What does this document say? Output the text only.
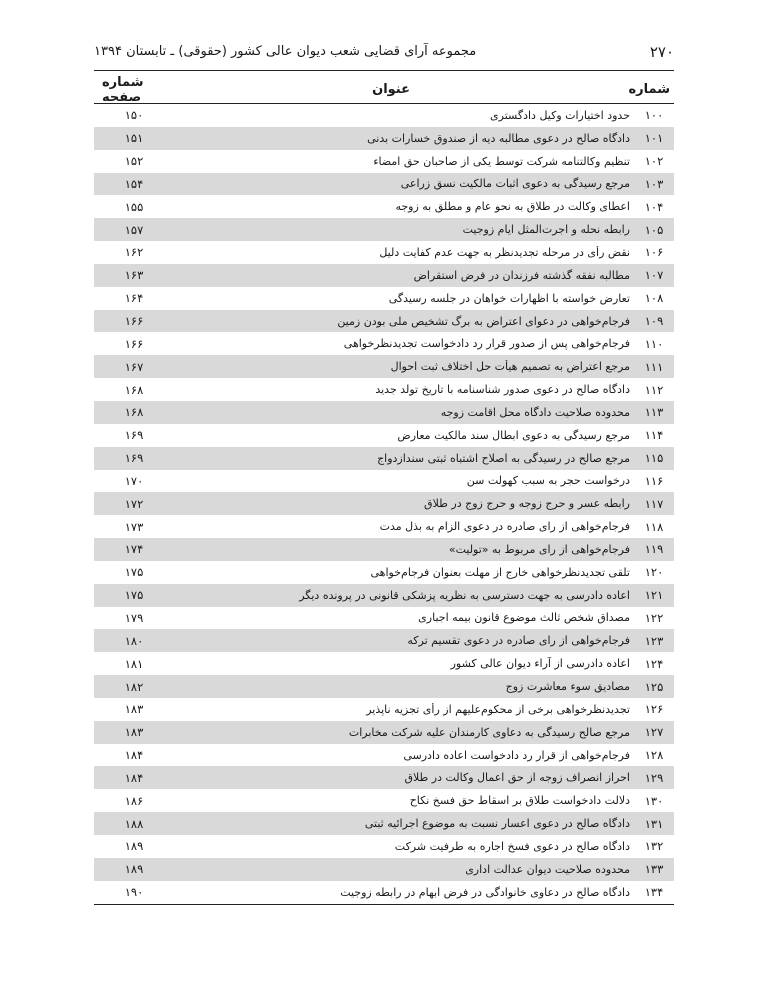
۲۷۰
مجموعه آرای قضایی شعب دیوان عالی کشور (حقوقی) ـ تابستان ۱۳۹۴
شماره
عنوان
شماره صفحه
۱۰۰
حدود اختیارات وکیل دادگستری
۱۵۰
۱۰۱
دادگاه صالح در دعوی مطالبه دیه از صندوق خسارات بدنی
۱۵۱
۱۰۲
تنظیم وکالتنامه شرکت توسط یکی از صاحبان حق امضاء
۱۵۲
۱۰۳
مرجع رسیدگی به دعوی اثبات مالکیت نسق زراعی
۱۵۴
۱۰۴
اعطای وکالت در طلاق به نحو عام و مطلق به زوجه
۱۵۵
۱۰۵
رابطه نحله و اجرت‌المثل ایام زوجیت
۱۵۷
۱۰۶
نقض رأی در مرحله تجدیدنظر به جهت عدم کفایت دلیل
۱۶۲
۱۰۷
مطالبه نفقه گذشته فرزندان در فرض استقراض
۱۶۳
۱۰۸
تعارض خواسته با اظهارات خواهان در جلسه رسیدگی
۱۶۴
۱۰۹
فرجام‌خواهی در دعوای اعتراض به برگ تشخیص ملی بودن زمین
۱۶۶
۱۱۰
فرجام‌خواهی پس از صدور قرار رد دادخواست تجدیدنظرخواهی
۱۶۶
۱۱۱
مرجع اعتراض به تصمیم هیأت حل اختلاف ثبت احوال
۱۶۷
۱۱۲
دادگاه صالح در دعوی صدور شناسنامه با تاریخ تولد جدید
۱۶۸
۱۱۳
محدوده صلاحیت دادگاه محل اقامت زوجه
۱۶۸
۱۱۴
مرجع رسیدگی به دعوی ابطال سند مالکیت معارض
۱۶۹
۱۱۵
مرجع صالح در رسیدگی به اصلاح اشتباه ثبتی سندازدواج
۱۶۹
۱۱۶
درخواست حجر به سبب کهولت سن
۱۷۰
۱۱۷
رابطه عسر و حرج زوجه و حرج زوج در طلاق
۱۷۲
۱۱۸
فرجام‌خواهی از رای صادره در دعوی الزام به بذل مدت
۱۷۳
۱۱۹
فرجام‌خواهی از رای مربوط به «تولیت»
۱۷۴
۱۲۰
تلقی تجدیدنظرخواهی خارج از مهلت بعنوان فرجام‌خواهی
۱۷۵
۱۲۱
اعاده دادرسی به جهت دسترسی به نظریه پزشکی قانونی در پرونده دیگر
۱۷۵
۱۲۲
مصداق شخص ثالث موضوع قانون بیمه اجباری
۱۷۹
۱۲۳
فرجام‌خواهی از رای صادره در دعوی تقسیم ترکه
۱۸۰
۱۲۴
اعاده دادرسی از آراء دیوان عالی کشور
۱۸۱
۱۲۵
مصادیق سوء معاشرت زوج
۱۸۲
۱۲۶
تجدیدنظرخواهی برخی از محکوم‌علیهم از رأی تجزیه ناپذیر
۱۸۳
۱۲۷
مرجع صالح رسیدگی به دعاوی کارمندان علیه شرکت مخابرات
۱۸۳
۱۲۸
فرجام‌خواهی از قرار رد دادخواست اعاده دادرسی
۱۸۴
۱۲۹
احراز انصراف زوجه از حق اعمال وکالت در طلاق
۱۸۴
۱۳۰
دلالت دادخواست طلاق بر اسقاط حق فسخ نکاح
۱۸۶
۱۳۱
دادگاه صالح در دعوی اعسار نسبت به موضوع اجرائیه ثبتی
۱۸۸
۱۳۲
دادگاه صالح در دعوی فسخ اجاره به طرفیت شرکت
۱۸۹
۱۳۳
محدوده صلاحیت دیوان عدالت اداری
۱۸۹
۱۳۴
دادگاه صالح در دعاوی خانوادگی در فرض ابهام در رابطه زوجیت
۱۹۰
